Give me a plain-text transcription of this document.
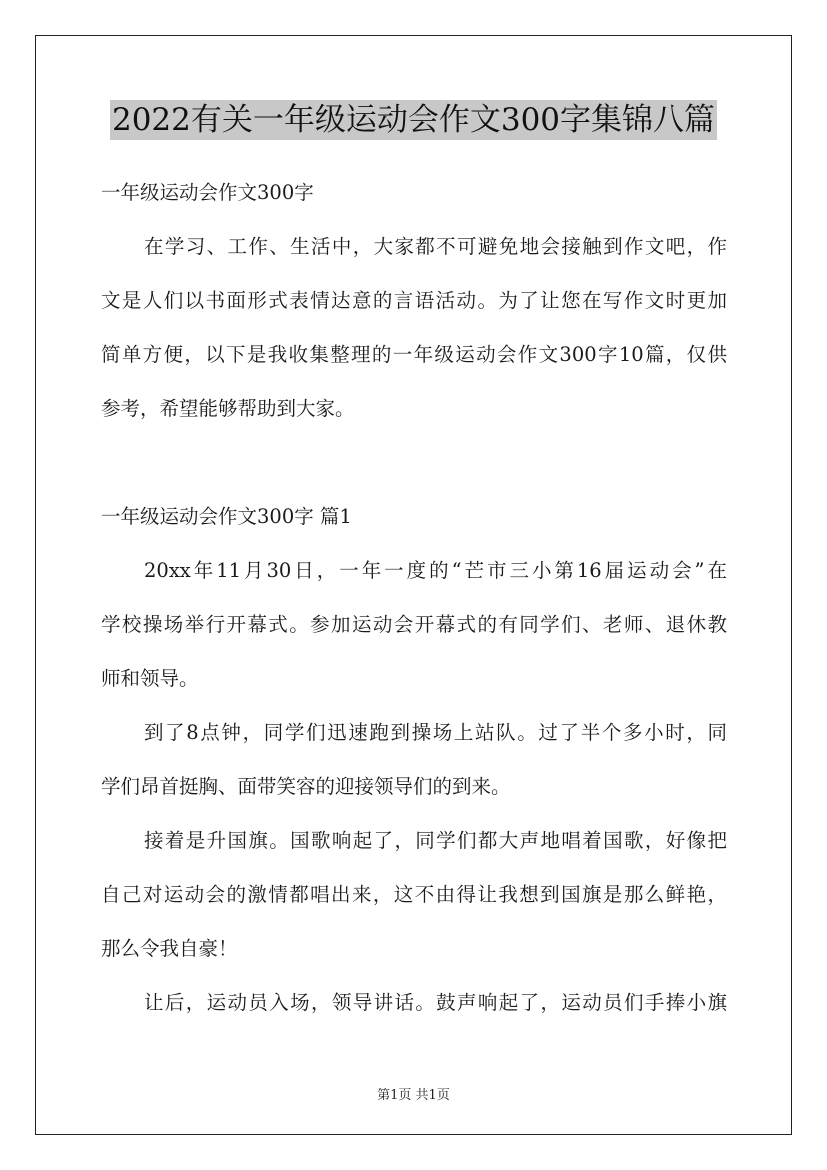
2022有关一年级运动会作文300字集锦八篇

一年级运动会作文300字

在学习、工作、生活中，大家都不可避免地会接触到作文吧，作

文是人们以书面形式表情达意的言语活动。为了让您在写作文时更加

简单方便，以下是我收集整理的一年级运动会作文300字10篇，仅供

参考，希望能够帮助到大家。

一年级运动会作文300字 篇1

20xx年11月30日，一年一度的“芒市三小第16届运动会”在

学校操场举行开幕式。参加运动会开幕式的有同学们、老师、退休教

师和领导。

到了8点钟，同学们迅速跑到操场上站队。过了半个多小时，同

学们昂首挺胸、面带笑容的迎接领导们的到来。

接着是升国旗。国歌响起了，同学们都大声地唱着国歌，好像把

自己对运动会的激情都唱出来，这不由得让我想到国旗是那么鲜艳，

那么令我自豪！

让后，运动员入场，领导讲话。鼓声响起了，运动员们手捧小旗

第1页 共1页
